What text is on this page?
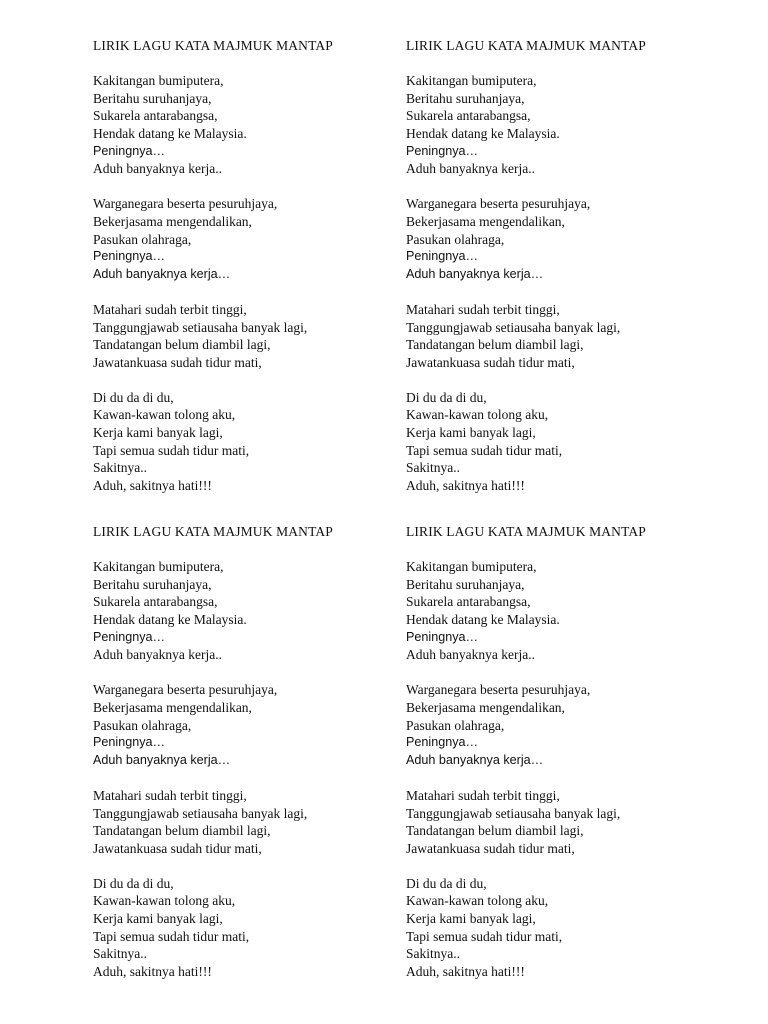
LIRIK LAGU KATA MAJMUK MANTAP
Kakitangan bumiputera,
Beritahu suruhanjaya,
Sukarela antarabangsa,
Hendak datang ke Malaysia.
Peningnya…
Aduh banyaknya kerja..
Warganegara beserta pesuruhjaya,
Bekerjasama mengendalikan,
Pasukan olahraga,
Peningnya…
Aduh banyaknya kerja…
Matahari sudah terbit tinggi,
Tanggungjawab setiausaha banyak lagi,
Tandatangan belum diambil lagi,
Jawatankuasa sudah tidur mati,
Di du da di du,
Kawan-kawan tolong aku,
Kerja kami banyak lagi,
Tapi semua sudah tidur mati,
Sakitnya..
Aduh, sakitnya hati!!!
LIRIK LAGU KATA MAJMUK MANTAP
Kakitangan bumiputera,
Beritahu suruhanjaya,
Sukarela antarabangsa,
Hendak datang ke Malaysia.
Peningnya…
Aduh banyaknya kerja..
Warganegara beserta pesuruhjaya,
Bekerjasama mengendalikan,
Pasukan olahraga,
Peningnya…
Aduh banyaknya kerja…
Matahari sudah terbit tinggi,
Tanggungjawab setiausaha banyak lagi,
Tandatangan belum diambil lagi,
Jawatankuasa sudah tidur mati,
Di du da di du,
Kawan-kawan tolong aku,
Kerja kami banyak lagi,
Tapi semua sudah tidur mati,
Sakitnya..
Aduh, sakitnya hati!!!
LIRIK LAGU KATA MAJMUK MANTAP
Kakitangan bumiputera,
Beritahu suruhanjaya,
Sukarela antarabangsa,
Hendak datang ke Malaysia.
Peningnya…
Aduh banyaknya kerja..
Warganegara beserta pesuruhjaya,
Bekerjasama mengendalikan,
Pasukan olahraga,
Peningnya…
Aduh banyaknya kerja…
Matahari sudah terbit tinggi,
Tanggungjawab setiausaha banyak lagi,
Tandatangan belum diambil lagi,
Jawatankuasa sudah tidur mati,
Di du da di du,
Kawan-kawan tolong aku,
Kerja kami banyak lagi,
Tapi semua sudah tidur mati,
Sakitnya..
Aduh, sakitnya hati!!!
LIRIK LAGU KATA MAJMUK MANTAP
Kakitangan bumiputera,
Beritahu suruhanjaya,
Sukarela antarabangsa,
Hendak datang ke Malaysia.
Peningnya…
Aduh banyaknya kerja..
Warganegara beserta pesuruhjaya,
Bekerjasama mengendalikan,
Pasukan olahraga,
Peningnya…
Aduh banyaknya kerja…
Matahari sudah terbit tinggi,
Tanggungjawab setiausaha banyak lagi,
Tandatangan belum diambil lagi,
Jawatankuasa sudah tidur mati,
Di du da di du,
Kawan-kawan tolong aku,
Kerja kami banyak lagi,
Tapi semua sudah tidur mati,
Sakitnya..
Aduh, sakitnya hati!!!
